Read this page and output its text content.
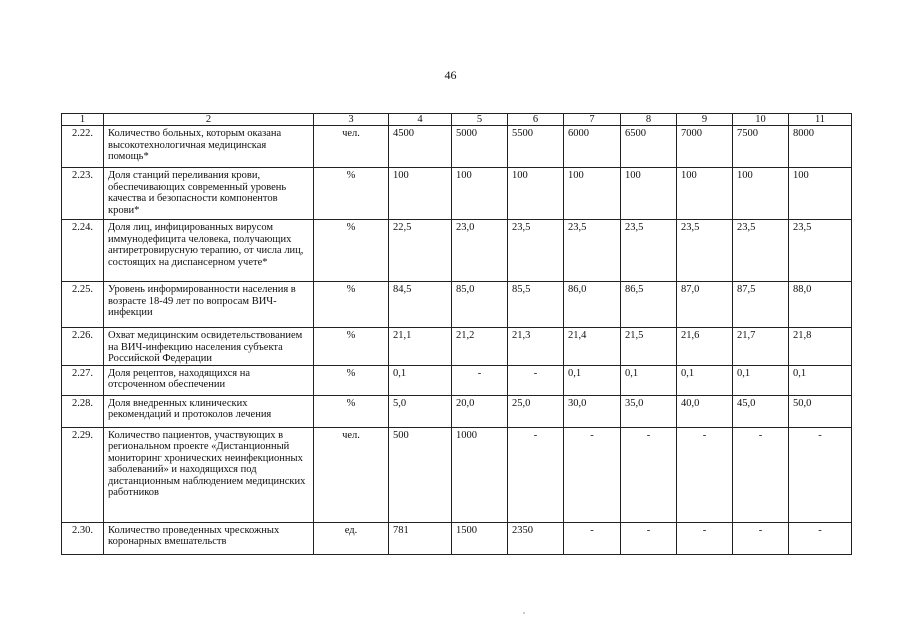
46
1	2	3	4	5	6	7	8	9	10	11
2.22.	Количество больных, которым оказана высокотехнологичная медицинская помощь*	чел.	4500	5000	5500	6000	6500	7000	7500	8000
2.23.	Доля станций переливания крови, обеспечивающих современный уровень качества и безопасности компонентов крови*	%	100	100	100	100	100	100	100	100
2.24.	Доля лиц, инфицированных вирусом иммунодефицита человека, получающих антиретровирусную терапию, от числа лиц, состоящих на диспансерном учете*	%	22,5	23,0	23,5	23,5	23,5	23,5	23,5	23,5
2.25.	Уровень информированности населения в возрасте 18-49 лет по вопросам ВИЧ-инфекции	%	84,5	85,0	85,5	86,0	86,5	87,0	87,5	88,0
2.26.	Охват медицинским освидетельствованием на ВИЧ-инфекцию населения субъекта Российской Федерации	%	21,1	21,2	21,3	21,4	21,5	21,6	21,7	21,8
2.27.	Доля рецептов, находящихся на отсроченном обеспечении	%	0,1	-	-	0,1	0,1	0,1	0,1	0,1
2.28.	Доля внедренных клинических рекомендаций и протоколов лечения	%	5,0	20,0	25,0	30,0	35,0	40,0	45,0	50,0
2.29.	Количество пациентов, участвующих в региональном проекте «Дистанционный мониторинг хронических неинфекционных заболеваний» и находящихся под дистанционным наблюдением медицинских работников	чел.	500	1000	-	-	-	-	-	-
2.30.	Количество проведенных чрескожных коронарных вмешательств	ед.	781	1500	2350	-	-	-	-	-
